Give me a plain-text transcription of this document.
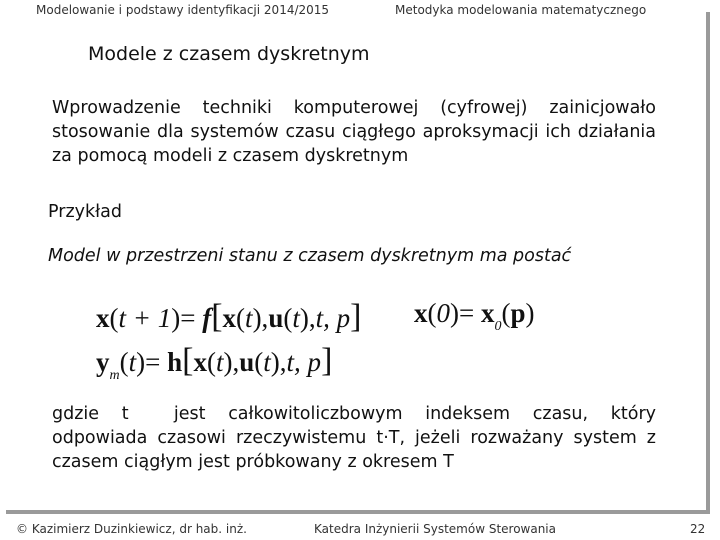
Modelowanie i podstawy identyfikacji 2014/2015	Metodyka modelowania matematycznego
Modele z czasem dyskretnym
Wprowadzenie techniki komputerowej (cyfrowej) zainicjowało stosowanie dla systemów czasu ciągłego aproksymacji ich działania za pomocą modeli z czasem dyskretnym
Przykład
Model w przestrzeni stanu z czasem dyskretnym ma postać
x(t + 1)= f[x(t),u(t),t, p] $x(0)= x_0(p)$
$y_m(t)= h[x(t),u(t),t$, p]
gdzie  t    jest  całkowitoliczbowym  indeksem  czasu,  który odpowiada czasowi rzeczywistemu t·T, jeżeli rozważany system z czasem ciągłym jest próbkowany z okresem T
© Kazimierz Duzinkiewicz, dr hab. inż.	Katedra Inżynierii Systemów Sterowania	22
